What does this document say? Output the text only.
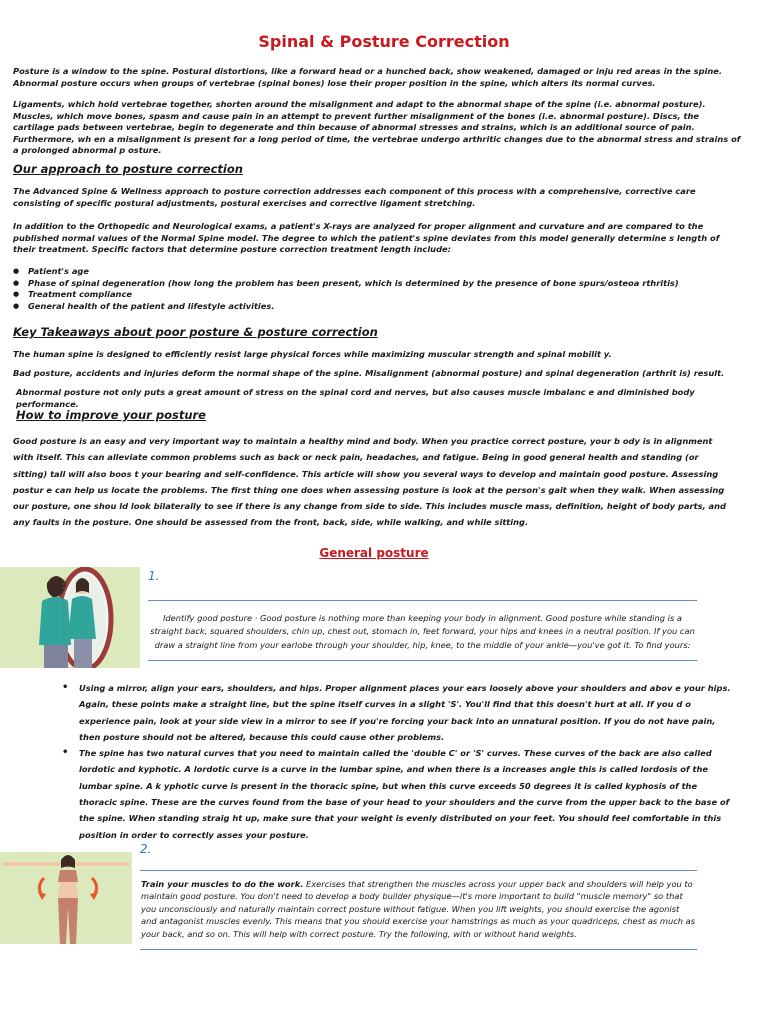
Spinal & Posture Correction

Posture is a window to the spine. Postural distortions, like a forward head or a hunched back, show weakened, damaged or inju red areas in the spine. Abnormal posture occurs when groups of vertebrae (spinal bones) lose their proper position in the spine, which alters its normal curves.

Ligaments, which hold vertebrae together, shorten around the misalignment and adapt to the abnormal shape of the spine (i.e. abnormal posture). Muscles, which move bones, spasm and cause pain in an attempt to prevent further misalignment of the bones (i.e. abnormal posture). Discs, the cartilage pads between vertebrae, begin to degenerate and thin because of abnormal stresses and strains, which is an additional source of pain. Furthermore, wh en a misalignment is present for a long period of time, the vertebrae undergo arthritic changes due to the abnormal stress and strains of a prolonged abnormal p osture.

Our approach to posture correction

The Advanced Spine & Wellness approach to posture correction addresses each component of this process with a comprehensive, corrective care consisting of specific postural adjustments, postural exercises and corrective ligament stretching.

In addition to the Orthopedic and Neurological exams, a patient's X-rays are analyzed for proper alignment and curvature and are compared to the published normal values of the Normal Spine model. The degree to which the patient's spine deviates from this model generally determine s length of their treatment. Specific factors that determine posture correction treatment length include:

● Patient's age
● Phase of spinal degeneration (how long the problem has been present, which is determined by the presence of bone spurs/osteoa rthritis)
● Treatment compliance
● General health of the patient and lifestyle activities.
Key Takeaways about poor posture & posture correction

The human spine is designed to efficiently resist large physical forces while maximizing muscular strength and spinal mobilit y.

Bad posture, accidents and injuries deform the normal shape of the spine. Misalignment (abnormal posture) and spinal degeneration (arthrit is) result.

Abnormal posture not only puts a great amount of stress on the spinal cord and nerves, but also causes muscle imbalanc e and diminished body performance.

How to improve your posture

Good posture is an easy and very important way to maintain a healthy mind and body. When you practice correct posture, your b ody is in alignment with itself. This can alleviate common problems such as back or neck pain, headaches, and fatigue. Being in good general health and standing (or sitting) tall will also boos t your bearing and self-confidence. This article will show you several ways to develop and maintain good posture. Assessing postur e can help us locate the problems. The first thing one does when assessing posture is look at the person's gait when they walk. When assessing our posture, one shou ld look bilaterally to see if there is any change from side to side. This includes muscle mass, definition, height of body parts, and any faults in the posture. One should be assessed from the front, back, side, while walking, and while sitting.

General posture
1.
Identify good posture · Good posture is nothing more than keeping your body in alignment. Good posture while standing is a straight back, squared shoulders, chin up, chest out, stomach in, feet forward, your hips and knees in a neutral position. If you can draw a straight line from your earlobe through your shoulder, hip, knee, to the middle of your ankle—you've got it. To find yours:
• Using a mirror, align your ears, shoulders, and hips. Proper alignment places your ears loosely above your shoulders and abov e your hips. Again, these points make a straight line, but the spine itself curves in a slight 'S'. You'll find that this doesn't hurt at all. If you d o experience pain, look at your side view in a mirror to see if you're forcing your back into an unnatural position. If you do not have pain, then posture should not be altered, because this could cause other problems.
• The spine has two natural curves that you need to maintain called the 'double C' or 'S' curves. These curves of the back are also called lordotic and kyphotic. A lordotic curve is a curve in the lumbar spine, and when there is a increases angle this is called lordosis of the lumbar spine. A k yphotic curve is present in the thoracic spine, but when this curve exceeds 50 degrees it is called kyphosis of the thoracic spine. These are the curves found from the base of your head to your shoulders and the curve from the upper back to the base of the spine. When standing straig ht up, make sure that your weight is evenly distributed on your feet. You should feel comfortable in this position in order to correctly asses your posture.
2.
Train your muscles to do the work. Exercises that strengthen the muscles across your upper back and shoulders will help you to maintain good posture. You don't need to develop a body builder physique—it's more important to build "muscle memory" so that you unconsciously and naturally maintain correct posture without fatigue. When you lift weights, you should exercise the agonist and antagonist muscles evenly. This means that you should exercise your hamstrings as much as your quadriceps, chest as much as your back, and so on. This will help with correct posture. Try the following, with or without hand weights.
